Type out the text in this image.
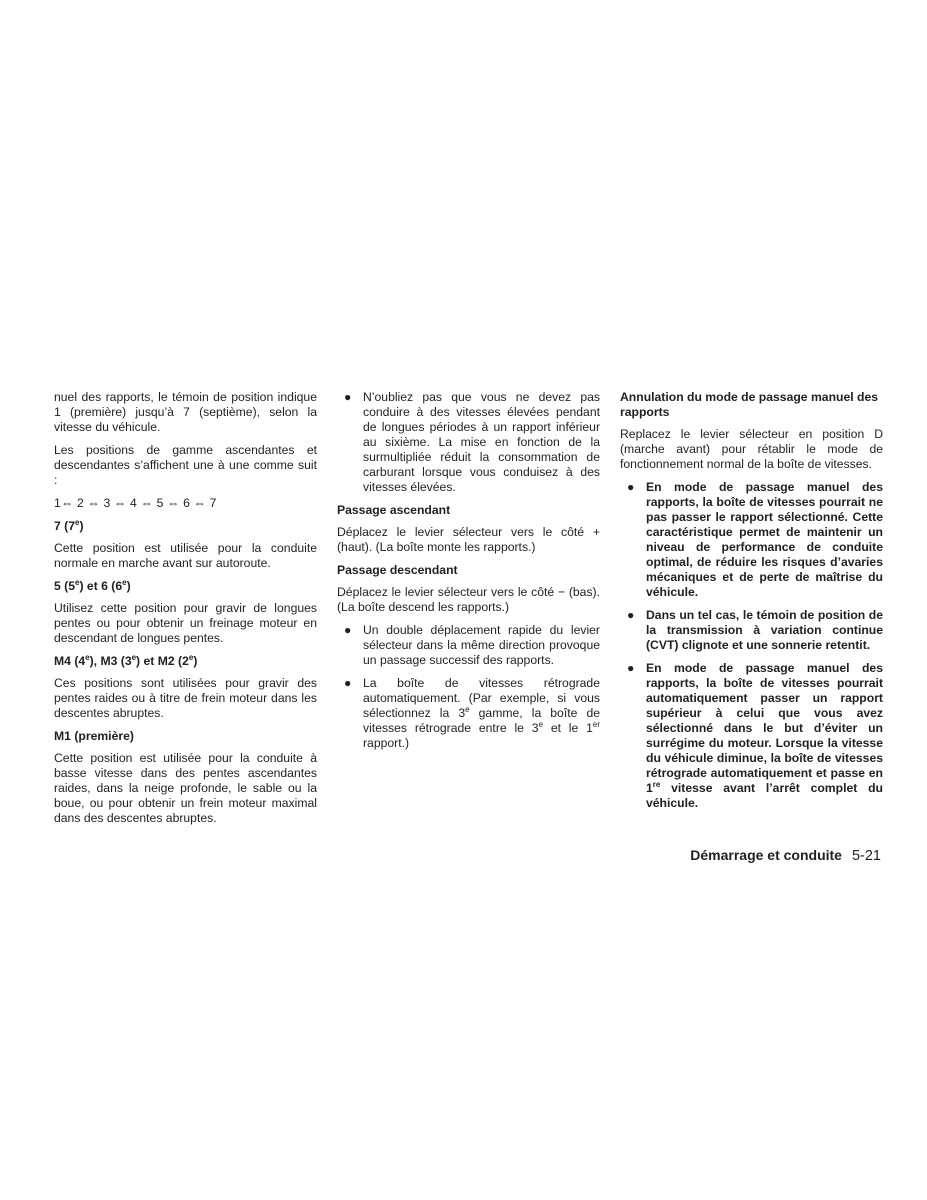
nuel des rapports, le témoin de position indique 1 (première) jusqu’à 7 (septième), selon la vitesse du véhicule.

Les positions de gamme ascendantes et descendantes s’affichent une à une comme suit :

1⇔ 2 ⇔ 3 ⇔ 4 ⇔ 5 ⇔ 6 ⇔ 7

7 (7e)

Cette position est utilisée pour la conduite normale en marche avant sur autoroute.

5 (5e) et 6 (6e)

Utilisez cette position pour gravir de longues pentes ou pour obtenir un freinage moteur en descendant de longues pentes.

M4 (4e), M3 (3e) et M2 (2e)

Ces positions sont utilisées pour gravir des pentes raides ou à titre de frein moteur dans les descentes abruptes.

M1 (première)

Cette position est utilisée pour la conduite à basse vitesse dans des pentes ascendantes raides, dans la neige profonde, le sable ou la boue, ou pour obtenir un frein moteur maximal dans des descentes abruptes.

● N’oubliez pas que vous ne devez pas conduire à des vitesses élevées pendant de longues périodes à un rapport inférieur au sixième. La mise en fonction de la surmultipliée réduit la consommation de carburant lorsque vous conduisez à des vitesses élevées.
Passage ascendant

Déplacez le levier sélecteur vers le côté + (haut). (La boîte monte les rapports.)

Passage descendant

Déplacez le levier sélecteur vers le côté − (bas). (La boîte descend les rapports.)

● Un double déplacement rapide du levier sélecteur dans la même direction provoque un passage successif des rapports.
● La boîte de vitesses rétrograde automatiquement. (Par exemple, si vous sélectionnez la 3e gamme, la boîte de vitesses rétrograde entre le 3e et le 1er rapport.)
Annulation du mode de passage manuel des rapports

Replacez le levier sélecteur en position D (marche avant) pour rétablir le mode de fonctionnement normal de la boîte de vitesses.

● En mode de passage manuel des rapports, la boîte de vitesses pourrait ne pas passer le rapport sélectionné. Cette caractéristique permet de maintenir un niveau de performance de conduite optimal, de réduire les risques d’avaries mécaniques et de perte de maîtrise du véhicule.
● Dans un tel cas, le témoin de position de la transmission à variation continue (CVT) clignote et une sonnerie retentit.
● En mode de passage manuel des rapports, la boîte de vitesses pourrait automatiquement passer un rapport supérieur à celui que vous avez sélectionné dans le but d’éviter un surrégime du moteur. Lorsque la vitesse du véhicule diminue, la boîte de vitesses rétrograde automatiquement et passe en 1re vitesse avant l’arrêt complet du véhicule.
Démarrage et conduite 5-21
